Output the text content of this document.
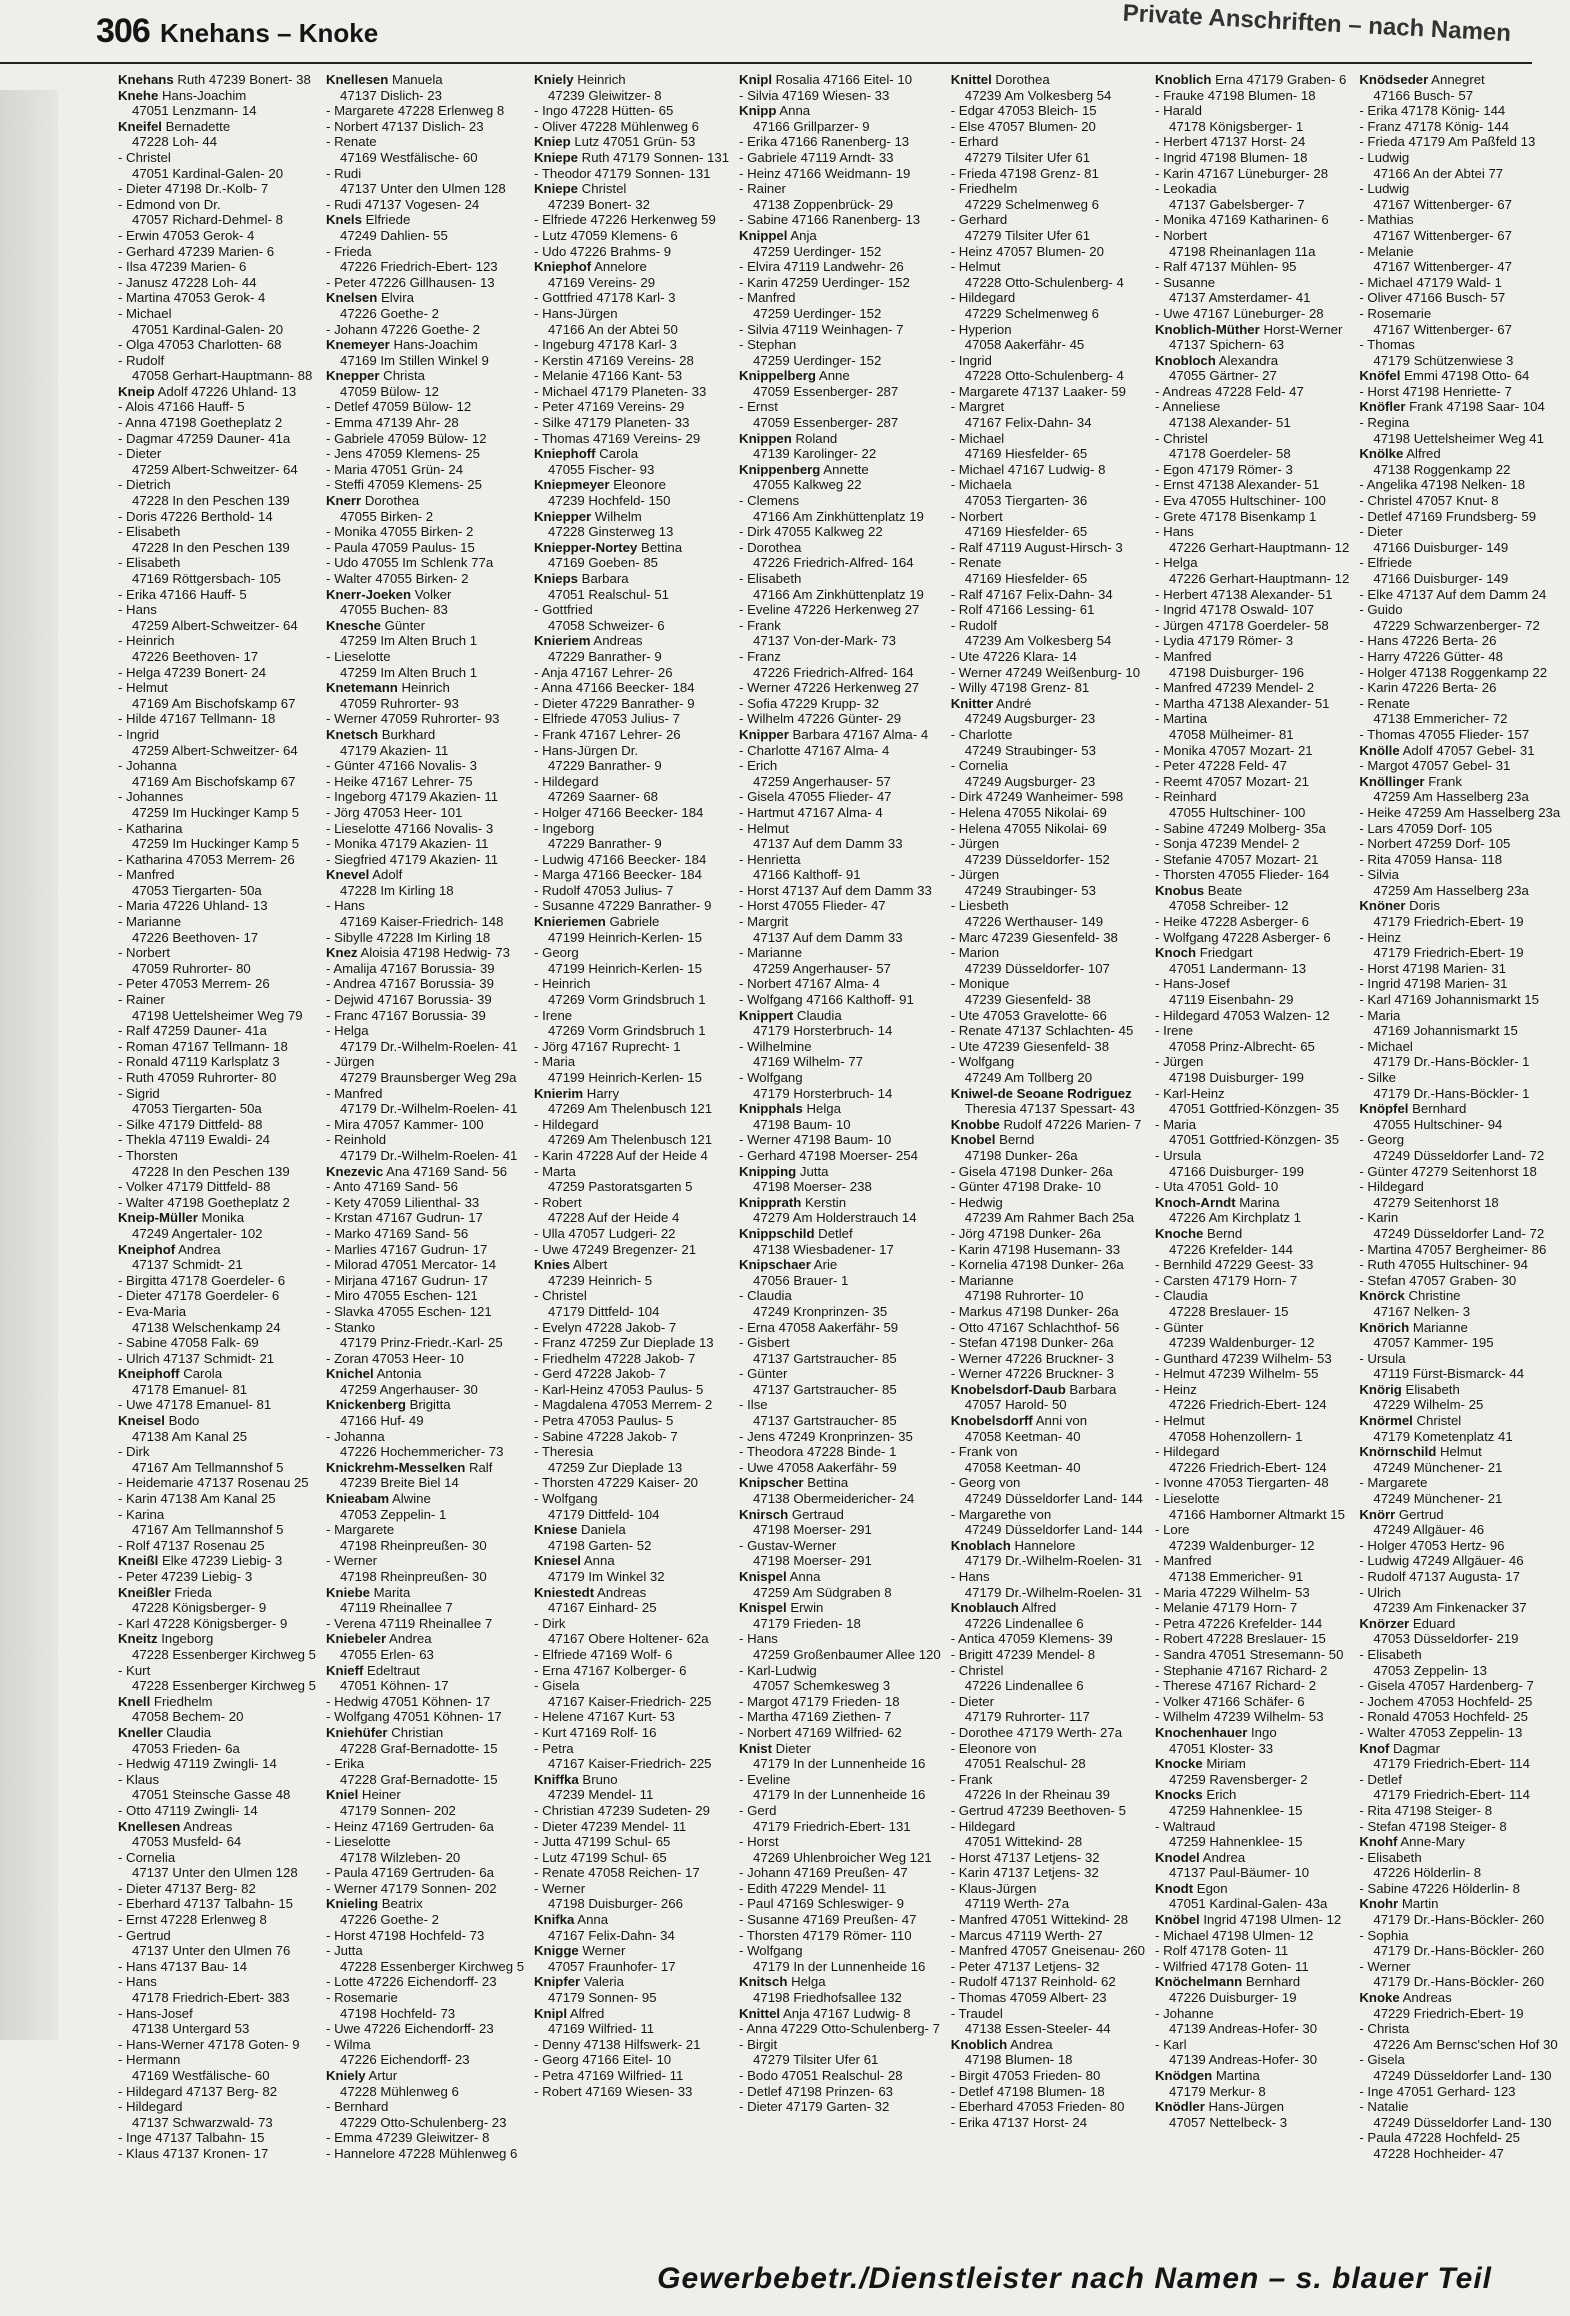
306 Knehans – Knoke	Private Anschriften – nach Namen
Knehans Ruth 47239 Bonert- 38
Knehe Hans-Joachim
47051 Lenzmann- 14
Kneifel Bernadette
47228 Loh- 44
- Christel
47051 Kardinal-Galen- 20
- Dieter 47198 Dr.-Kolb- 7
- Edmond von Dr.
47057 Richard-Dehmel- 8
- Erwin 47053 Gerok- 4
- Gerhard 47239 Marien- 6
- Ilsa 47239 Marien- 6
- Janusz 47228 Loh- 44
- Martina 47053 Gerok- 4
- Michael
47051 Kardinal-Galen- 20
- Olga 47053 Charlotten- 68
- Rudolf
47058 Gerhart-Hauptmann- 88
Kneip Adolf 47226 Uhland- 13
- Alois 47166 Hauff- 5
- Anna 47198 Goetheplatz 2
- Dagmar 47259 Dauner- 41a
- Dieter
47259 Albert-Schweitzer- 64
- Dietrich
47228 In den Peschen 139
- Doris 47226 Berthold- 14
- Elisabeth
47228 In den Peschen 139
- Elisabeth
47169 Röttgersbach- 105
- Erika 47166 Hauff- 5
- Hans
47259 Albert-Schweitzer- 64
- Heinrich
47226 Beethoven- 17
- Helga 47239 Bonert- 24
- Helmut
47169 Am Bischofskamp 67
- Hilde 47167 Tellmann- 18
- Ingrid
47259 Albert-Schweitzer- 64
- Johanna
47169 Am Bischofskamp 67
- Johannes
47259 Im Huckinger Kamp 5
- Katharina
47259 Im Huckinger Kamp 5
- Katharina 47053 Merrem- 26
- Manfred
47053 Tiergarten- 50a
- Maria 47226 Uhland- 13
- Marianne
47226 Beethoven- 17
- Norbert
47059 Ruhrorter- 80
- Peter 47053 Merrem- 26
- Rainer
47198 Uettelsheimer Weg 79
- Ralf 47259 Dauner- 41a
- Roman 47167 Tellmann- 18
- Ronald 47119 Karlsplatz 3
- Ruth 47059 Ruhrorter- 80
- Sigrid
47053 Tiergarten- 50a
- Silke 47179 Dittfeld- 88
- Thekla 47119 Ewaldi- 24
- Thorsten
47228 In den Peschen 139
- Volker 47179 Dittfeld- 88
- Walter 47198 Goetheplatz 2
Kneip-Müller Monika
47249 Angertaler- 102
Kneiphof Andrea
47137 Schmidt- 21
- Birgitta 47178 Goerdeler- 6
- Dieter 47178 Goerdeler- 6
- Eva-Maria
47138 Welschenkamp 24
- Sabine 47058 Falk- 69
- Ulrich 47137 Schmidt- 21
Kneiphoff Carola
47178 Emanuel- 81
- Uwe 47178 Emanuel- 81
Kneisel Bodo
47138 Am Kanal 25
- Dirk
47167 Am Tellmannshof 5
- Heidemarie 47137 Rosenau 25
- Karin 47138 Am Kanal 25
- Karina
47167 Am Tellmannshof 5
- Rolf 47137 Rosenau 25
Kneißl Elke 47239 Liebig- 3
- Peter 47239 Liebig- 3
Kneißler Frieda
47228 Königsberger- 9
- Karl 47228 Königsberger- 9
Kneitz Ingeborg
47228 Essenberger Kirchweg 5
- Kurt
47228 Essenberger Kirchweg 5
Knell Friedhelm
47058 Bechem- 20
Kneller Claudia
47053 Frieden- 6a
- Hedwig 47119 Zwingli- 14
- Klaus
47051 Steinsche Gasse 48
- Otto 47119 Zwingli- 14
Knellesen Andreas
47053 Musfeld- 64
- Cornelia
47137 Unter den Ulmen 128
- Dieter 47137 Berg- 82
- Eberhard 47137 Talbahn- 15
- Ernst 47228 Erlenweg 8
- Gertrud
47137 Unter den Ulmen 76
- Hans 47137 Bau- 14
- Hans
47178 Friedrich-Ebert- 383
- Hans-Josef
47138 Untergard 53
- Hans-Werner 47178 Goten- 9
- Hermann
47169 Westfälische- 60
- Hildegard 47137 Berg- 82
- Hildegard
47137 Schwarzwald- 73
- Inge 47137 Talbahn- 15
- Klaus 47137 Kronen- 17
Knellesen Manuela
47137 Dislich- 23
- Margarete 47228 Erlenweg 8
- Norbert 47137 Dislich- 23
- Renate
47169 Westfälische- 60
- Rudi
47137 Unter den Ulmen 128
- Rudi 47137 Vogesen- 24
Knels Elfriede
47249 Dahlien- 55
- Frieda
47226 Friedrich-Ebert- 123
- Peter 47226 Gillhausen- 13
Knelsen Elvira
47226 Goethe- 2
- Johann 47226 Goethe- 2
Knemeyer Hans-Joachim
47169 Im Stillen Winkel 9
Knepper Christa
47059 Bülow- 12
- Detlef 47059 Bülow- 12
- Emma 47139 Ahr- 28
- Gabriele 47059 Bülow- 12
- Jens 47059 Klemens- 25
- Maria 47051 Grün- 24
- Steffi 47059 Klemens- 25
Knerr Dorothea
47055 Birken- 2
- Monika 47055 Birken- 2
- Paula 47059 Paulus- 15
- Udo 47055 Im Schlenk 77a
- Walter 47055 Birken- 2
Knerr-Joeken Volker
47055 Buchen- 83
Knesche Günter
47259 Im Alten Bruch 1
- Lieselotte
47259 Im Alten Bruch 1
Knetemann Heinrich
47059 Ruhrorter- 93
- Werner 47059 Ruhrorter- 93
Knetsch Burkhard
47179 Akazien- 11
- Günter 47166 Novalis- 3
- Heike 47167 Lehrer- 75
- Ingeborg 47179 Akazien- 11
- Jörg 47053 Heer- 101
- Lieselotte 47166 Novalis- 3
- Monika 47179 Akazien- 11
- Siegfried 47179 Akazien- 11
Knevel Adolf
47228 Im Kirling 18
- Hans
47169 Kaiser-Friedrich- 148
- Sibylle 47228 Im Kirling 18
Knez Aloisia 47198 Hedwig- 73
- Amalija 47167 Borussia- 39
- Andrea 47167 Borussia- 39
- Dejwid 47167 Borussia- 39
- Franc 47167 Borussia- 39
- Helga
47179 Dr.-Wilhelm-Roelen- 41
- Jürgen
47279 Braunsberger Weg 29a
- Manfred
47179 Dr.-Wilhelm-Roelen- 41
- Mira 47057 Kammer- 100
- Reinhold
47179 Dr.-Wilhelm-Roelen- 41
Knezevic Ana 47169 Sand- 56
- Anto 47169 Sand- 56
- Kety 47059 Lilienthal- 33
- Krstan 47167 Gudrun- 17
- Marko 47169 Sand- 56
- Marlies 47167 Gudrun- 17
- Milorad 47051 Mercator- 14
- Mirjana 47167 Gudrun- 17
- Miro 47055 Eschen- 121
- Slavka 47055 Eschen- 121
- Stanko
47179 Prinz-Friedr.-Karl- 25
- Zoran 47053 Heer- 10
Knichel Antonia
47259 Angerhauser- 30
Knickenberg Brigitta
47166 Huf- 49
- Johanna
47226 Hochemmericher- 73
Knickrehm-Messelken Ralf
47239 Breite Biel 14
Knieabam Alwine
47053 Zeppelin- 1
- Margarete
47198 Rheinpreußen- 30
- Werner
47198 Rheinpreußen- 30
Kniebe Marita
47119 Rheinallee 7
- Verena 47119 Rheinallee 7
Kniebeler Andrea
47055 Erlen- 63
Knieff Edeltraut
47051 Köhnen- 17
- Hedwig 47051 Köhnen- 17
- Wolfgang 47051 Köhnen- 17
Kniehüfer Christian
47228 Graf-Bernadotte- 15
- Erika
47228 Graf-Bernadotte- 15
Kniel Heiner
47179 Sonnen- 202
- Heinz 47169 Gertruden- 6a
- Lieselotte
47178 Wilzleben- 20
- Paula 47169 Gertruden- 6a
- Werner 47179 Sonnen- 202
Knieling Beatrix
47226 Goethe- 2
- Horst 47198 Hochfeld- 73
- Jutta
47228 Essenberger Kirchweg 5
- Lotte 47226 Eichendorff- 23
- Rosemarie
47198 Hochfeld- 73
- Uwe 47226 Eichendorff- 23
- Wilma
47226 Eichendorff- 23
Kniely Artur
47228 Mühlenweg 6
- Bernhard
47229 Otto-Schulenberg- 23
- Emma 47239 Gleiwitzer- 8
- Hannelore 47228 Mühlenweg 6
Kniely Heinrich
47239 Gleiwitzer- 8
- Ingo 47228 Hütten- 65
- Oliver 47228 Mühlenweg 6
Kniep Lutz 47051 Grün- 53
Kniepe Ruth 47179 Sonnen- 131
- Theodor 47179 Sonnen- 131
Kniepe Christel
47239 Bonert- 32
- Elfriede 47226 Herkenweg 59
- Lutz 47059 Klemens- 6
- Udo 47226 Brahms- 9
Kniephof Annelore
47169 Vereins- 29
- Gottfried 47178 Karl- 3
- Hans-Jürgen
47166 An der Abtei 50
- Ingeburg 47178 Karl- 3
- Kerstin 47169 Vereins- 28
- Melanie 47166 Kant- 53
- Michael 47179 Planeten- 33
- Peter 47169 Vereins- 29
- Silke 47179 Planeten- 33
- Thomas 47169 Vereins- 29
Kniephoff Carola
47055 Fischer- 93
Kniepmeyer Eleonore
47239 Hochfeld- 150
Kniepper Wilhelm
47228 Ginsterweg 13
Kniepper-Nortey Bettina
47169 Goeben- 85
Knieps Barbara
47051 Realschul- 51
- Gottfried
47058 Schweizer- 6
Knieriem Andreas
47229 Banrather- 9
- Anja 47167 Lehrer- 26
- Anna 47166 Beecker- 184
- Dieter 47229 Banrather- 9
- Elfriede 47053 Julius- 7
- Frank 47167 Lehrer- 26
- Hans-Jürgen Dr.
47229 Banrather- 9
- Hildegard
47269 Saarner- 68
- Holger 47166 Beecker- 184
- Ingeborg
47229 Banrather- 9
- Ludwig 47166 Beecker- 184
- Marga 47166 Beecker- 184
- Rudolf 47053 Julius- 7
- Susanne 47229 Banrather- 9
Knieriemen Gabriele
47199 Heinrich-Kerlen- 15
- Georg
47199 Heinrich-Kerlen- 15
- Heinrich
47269 Vorm Grindsbruch 1
- Irene
47269 Vorm Grindsbruch 1
- Jörg 47167 Ruprecht- 1
- Maria
47199 Heinrich-Kerlen- 15
Knierim Harry
47269 Am Thelenbusch 121
- Hildegard
47269 Am Thelenbusch 121
- Karin 47228 Auf der Heide 4
- Marta
47259 Pastoratsgarten 5
- Robert
47228 Auf der Heide 4
- Ulla 47057 Ludgeri- 22
- Uwe 47249 Bregenzer- 21
Knies Albert
47239 Heinrich- 5
- Christel
47179 Dittfeld- 104
- Evelyn 47228 Jakob- 7
- Franz 47259 Zur Dieplade 13
- Friedhelm 47228 Jakob- 7
- Gerd 47228 Jakob- 7
- Karl-Heinz 47053 Paulus- 5
- Magdalena 47053 Merrem- 2
- Petra 47053 Paulus- 5
- Sabine 47228 Jakob- 7
- Theresia
47259 Zur Dieplade 13
- Thorsten 47229 Kaiser- 20
- Wolfgang
47179 Dittfeld- 104
Kniese Daniela
47198 Garten- 52
Kniesel Anna
47179 Im Winkel 32
Kniestedt Andreas
47167 Einhard- 25
- Dirk
47167 Obere Holtener- 62a
- Elfriede 47169 Wolf- 6
- Erna 47167 Kolberger- 6
- Gisela
47167 Kaiser-Friedrich- 225
- Helene 47167 Kurt- 53
- Kurt 47169 Rolf- 16
- Petra
47167 Kaiser-Friedrich- 225
Kniffka Bruno
47239 Mendel- 11
- Christian 47239 Sudeten- 29
- Dieter 47239 Mendel- 11
- Jutta 47199 Schul- 65
- Lutz 47199 Schul- 65
- Renate 47058 Reichen- 17
- Werner
47198 Duisburger- 266
Knifka Anna
47167 Felix-Dahn- 34
Knigge Werner
47057 Fraunhofer- 17
Knipfer Valeria
47179 Sonnen- 95
Knipl Alfred
47169 Wilfried- 11
- Denny 47138 Hilfswerk- 21
- Georg 47166 Eitel- 10
- Petra 47169 Wilfried- 11
- Robert 47169 Wiesen- 33
Knipl Rosalia 47166 Eitel- 10
- Silvia 47169 Wiesen- 33
Knipp Anna
47166 Grillparzer- 9
- Erika 47166 Ranenberg- 13
- Gabriele 47119 Arndt- 33
- Heinz 47166 Weidmann- 19
- Rainer
47138 Zoppenbrück- 29
- Sabine 47166 Ranenberg- 13
Knippel Anja
47259 Uerdinger- 152
- Elvira 47119 Landwehr- 26
- Karin 47259 Uerdinger- 152
- Manfred
47259 Uerdinger- 152
- Silvia 47119 Weinhagen- 7
- Stephan
47259 Uerdinger- 152
Knippelberg Anne
47059 Essenberger- 287
- Ernst
47059 Essenberger- 287
Knippen Roland
47139 Karolinger- 22
Knippenberg Annette
47055 Kalkweg 22
- Clemens
47166 Am Zinkhüttenplatz 19
- Dirk 47055 Kalkweg 22
- Dorothea
47226 Friedrich-Alfred- 164
- Elisabeth
47166 Am Zinkhüttenplatz 19
- Eveline 47226 Herkenweg 27
- Frank
47137 Von-der-Mark- 73
- Franz
47226 Friedrich-Alfred- 164
- Werner 47226 Herkenweg 27
- Sofia 47229 Krupp- 32
- Wilhelm 47226 Günter- 29
Knipper Barbara 47167 Alma- 4
- Charlotte 47167 Alma- 4
- Erich
47259 Angerhauser- 57
- Gisela 47055 Flieder- 47
- Hartmut 47167 Alma- 4
- Helmut
47137 Auf dem Damm 33
- Henrietta
47166 Kalthoff- 91
- Horst 47137 Auf dem Damm 33
- Horst 47055 Flieder- 47
- Margrit
47137 Auf dem Damm 33
- Marianne
47259 Angerhauser- 57
- Norbert 47167 Alma- 4
- Wolfgang 47166 Kalthoff- 91
Knippert Claudia
47179 Horsterbruch- 14
- Wilhelmine
47169 Wilhelm- 77
- Wolfgang
47179 Horsterbruch- 14
Knipphals Helga
47198 Baum- 10
- Werner 47198 Baum- 10
- Gerhard 47198 Moerser- 254
Knipping Jutta
47198 Moerser- 238
Knipprath Kerstin
47279 Am Holderstrauch 14
Knippschild Detlef
47138 Wiesbadener- 17
Knipschaer Arie
47056 Brauer- 1
- Claudia
47249 Kronprinzen- 35
- Erna 47058 Aakerfähr- 59
- Gisbert
47137 Gartstraucher- 85
- Günter
47137 Gartstraucher- 85
- Ilse
47137 Gartstraucher- 85
- Jens 47249 Kronprinzen- 35
- Theodora 47228 Binde- 1
- Uwe 47058 Aakerfähr- 59
Knipscher Bettina
47138 Obermeidericher- 24
Knirsch Gertraud
47198 Moerser- 291
- Gustav-Werner
47198 Moerser- 291
Knispel Anna
47259 Am Südgraben 8
Knispel Erwin
47179 Frieden- 18
- Hans
47259 Großenbaumer Allee 120
- Karl-Ludwig
47057 Schemkesweg 3
- Margot 47179 Frieden- 18
- Martha 47169 Ziethen- 7
- Norbert 47169 Wilfried- 62
Knist Dieter
47179 In der Lunnenheide 16
- Eveline
47179 In der Lunnenheide 16
- Gerd
47179 Friedrich-Ebert- 131
- Horst
47269 Uhlenbroicher Weg 121
- Johann 47169 Preußen- 47
- Edith 47229 Mendel- 11
- Paul 47169 Schleswiger- 9
- Susanne 47169 Preußen- 47
- Thorsten 47179 Römer- 110
- Wolfgang
47179 In der Lunnenheide 16
Knitsch Helga
47198 Friedhofsallee 132
Knittel Anja 47167 Ludwig- 8
- Anna 47229 Otto-Schulenberg- 7
- Birgit
47279 Tilsiter Ufer 61
- Bodo 47051 Realschul- 28
- Detlef 47198 Prinzen- 63
- Dieter 47179 Garten- 32
Knittel Dorothea
47239 Am Volkesberg 54
- Edgar 47053 Bleich- 15
- Else 47057 Blumen- 20
- Erhard
47279 Tilsiter Ufer 61
- Frieda 47198 Grenz- 81
- Friedhelm
47229 Schelmenweg 6
- Gerhard
47279 Tilsiter Ufer 61
- Heinz 47057 Blumen- 20
- Helmut
47228 Otto-Schulenberg- 4
- Hildegard
47229 Schelmenweg 6
- Hyperion
47058 Aakerfähr- 45
- Ingrid
47228 Otto-Schulenberg- 4
- Margarete 47137 Laaker- 59
- Margret
47167 Felix-Dahn- 34
- Michael
47169 Hiesfelder- 65
- Michael 47167 Ludwig- 8
- Michaela
47053 Tiergarten- 36
- Norbert
47169 Hiesfelder- 65
- Ralf 47119 August-Hirsch- 3
- Renate
47169 Hiesfelder- 65
- Ralf 47167 Felix-Dahn- 34
- Rolf 47166 Lessing- 61
- Rudolf
47239 Am Volkesberg 54
- Ute 47226 Klara- 14
- Werner 47249 Weißenburg- 10
- Willy 47198 Grenz- 81
Knitter André
47249 Augsburger- 23
- Charlotte
47249 Straubinger- 53
- Cornelia
47249 Augsburger- 23
- Dirk 47249 Wanheimer- 598
- Helena 47055 Nikolai- 69
- Helena 47055 Nikolai- 69
- Jürgen
47239 Düsseldorfer- 152
- Jürgen
47249 Straubinger- 53
- Liesbeth
47226 Werthauser- 149
- Marc 47239 Giesenfeld- 38
- Marion
47239 Düsseldorfer- 107
- Monique
47239 Giesenfeld- 38
- Ute 47053 Gravelotte- 66
- Renate 47137 Schlachten- 45
- Ute 47239 Giesenfeld- 38
- Wolfgang
47249 Am Tollberg 20
Kniwel-de Seoane Rodriguez
Theresia 47137 Spessart- 43
Knobbe Rudolf 47226 Marien- 7
Knobel Bernd
47198 Dunker- 26a
- Gisela 47198 Dunker- 26a
- Günter 47198 Drake- 10
- Hedwig
47239 Am Rahmer Bach 25a
- Jörg 47198 Dunker- 26a
- Karin 47198 Husemann- 33
- Kornelia 47198 Dunker- 26a
- Marianne
47198 Ruhrorter- 10
- Markus 47198 Dunker- 26a
- Otto 47167 Schlachthof- 56
- Stefan 47198 Dunker- 26a
- Werner 47226 Bruckner- 3
- Werner 47226 Bruckner- 3
Knobelsdorf-Daub Barbara
47057 Harold- 50
Knobelsdorff Anni von
47058 Keetman- 40
- Frank von
47058 Keetman- 40
- Georg von
47249 Düsseldorfer Land- 144
- Margarethe von
47249 Düsseldorfer Land- 144
Knoblach Hannelore
47179 Dr.-Wilhelm-Roelen- 31
- Hans
47179 Dr.-Wilhelm-Roelen- 31
Knoblauch Alfred
47226 Lindenallee 6
- Antica 47059 Klemens- 39
- Brigitt 47239 Mendel- 8
- Christel
47226 Lindenallee 6
- Dieter
47179 Ruhrorter- 117
- Dorothee 47179 Werth- 27a
- Eleonore von
47051 Realschul- 28
- Frank
47226 In der Rheinau 39
- Gertrud 47239 Beethoven- 5
- Hildegard
47051 Wittekind- 28
- Horst 47137 Letjens- 32
- Karin 47137 Letjens- 32
- Klaus-Jürgen
47119 Werth- 27a
- Manfred 47051 Wittekind- 28
- Marcus 47119 Werth- 27
- Manfred 47057 Gneisenau- 260
- Peter 47137 Letjens- 32
- Rudolf 47137 Reinhold- 62
- Thomas 47059 Albert- 23
- Traudel
47138 Essen-Steeler- 44
Knoblich Andrea
47198 Blumen- 18
- Birgit 47053 Frieden- 80
- Detlef 47198 Blumen- 18
- Eberhard 47053 Frieden- 80
- Erika 47137 Horst- 24
Knoblich Erna 47179 Graben- 6
- Frauke 47198 Blumen- 18
- Harald
47178 Königsberger- 1
- Herbert 47137 Horst- 24
- Ingrid 47198 Blumen- 18
- Karin 47167 Lüneburger- 28
- Leokadia
47137 Gabelsberger- 7
- Monika 47169 Katharinen- 6
- Norbert
47198 Rheinanlagen 11a
- Ralf 47137 Mühlen- 95
- Susanne
47137 Amsterdamer- 41
- Uwe 47167 Lüneburger- 28
Knoblich-Müther Horst-Werner
47137 Spichern- 63
Knobloch Alexandra
47055 Gärtner- 27
- Andreas 47228 Feld- 47
- Anneliese
47138 Alexander- 51
- Christel
47178 Goerdeler- 58
- Egon 47179 Römer- 3
- Ernst 47138 Alexander- 51
- Eva 47055 Hultschiner- 100
- Grete 47178 Bisenkamp 1
- Hans
47226 Gerhart-Hauptmann- 12
- Helga
47226 Gerhart-Hauptmann- 12
- Herbert 47138 Alexander- 51
- Ingrid 47178 Oswald- 107
- Jürgen 47178 Goerdeler- 58
- Lydia 47179 Römer- 3
- Manfred
47198 Duisburger- 196
- Manfred 47239 Mendel- 2
- Martha 47138 Alexander- 51
- Martina
47058 Mülheimer- 81
- Monika 47057 Mozart- 21
- Peter 47228 Feld- 47
- Reemt 47057 Mozart- 21
- Reinhard
47055 Hultschiner- 100
- Sabine 47249 Molberg- 35a
- Sonja 47239 Mendel- 2
- Stefanie 47057 Mozart- 21
- Thorsten 47055 Flieder- 164
Knobus Beate
47058 Schreiber- 12
- Heike 47228 Asberger- 6
- Wolfgang 47228 Asberger- 6
Knoch Friedgart
47051 Landermann- 13
- Hans-Josef
47119 Eisenbahn- 29
- Hildegard 47053 Walzen- 12
- Irene
47058 Prinz-Albrecht- 65
- Jürgen
47198 Duisburger- 199
- Karl-Heinz
47051 Gottfried-Könzgen- 35
- Maria
47051 Gottfried-Könzgen- 35
- Ursula
47166 Duisburger- 199
- Uta 47051 Gold- 10
Knoch-Arndt Marina
47226 Am Kirchplatz 1
Knoche Bernd
47226 Krefelder- 144
- Bernhild 47229 Geest- 33
- Carsten 47179 Horn- 7
- Claudia
47228 Breslauer- 15
- Günter
47239 Waldenburger- 12
- Gunthard 47239 Wilhelm- 53
- Helmut 47239 Wilhelm- 55
- Heinz
47226 Friedrich-Ebert- 124
- Helmut
47058 Hohenzollern- 1
- Hildegard
47226 Friedrich-Ebert- 124
- Ivonne 47053 Tiergarten- 48
- Lieselotte
47166 Hamborner Altmarkt 15
- Lore
47239 Waldenburger- 12
- Manfred
47138 Emmericher- 91
- Maria 47229 Wilhelm- 53
- Melanie 47179 Horn- 7
- Petra 47226 Krefelder- 144
- Robert 47228 Breslauer- 15
- Sandra 47051 Stresemann- 50
- Stephanie 47167 Richard- 2
- Therese 47167 Richard- 2
- Volker 47166 Schäfer- 6
- Wilhelm 47239 Wilhelm- 53
Knochenhauer Ingo
47051 Kloster- 33
Knocke Miriam
47259 Ravensberger- 2
Knocks Erich
47259 Hahnenklee- 15
- Waltraud
47259 Hahnenklee- 15
Knodel Andrea
47137 Paul-Bäumer- 10
Knodt Egon
47051 Kardinal-Galen- 43a
Knöbel Ingrid 47198 Ulmen- 12
- Michael 47198 Ulmen- 12
- Rolf 47178 Goten- 11
- Wilfried 47178 Goten- 11
Knöchelmann Bernhard
47226 Duisburger- 19
- Johanne
47139 Andreas-Hofer- 30
- Karl
47139 Andreas-Hofer- 30
Knödgen Martina
47179 Merkur- 8
Knödler Hans-Jürgen
47057 Nettelbeck- 3
Knödseder Annegret
47166 Busch- 57
- Erika 47178 König- 144
- Franz 47178 König- 144
- Frieda 47179 Am Paßfeld 13
- Ludwig
47166 An der Abtei 77
- Ludwig
47167 Wittenberger- 67
- Mathias
47167 Wittenberger- 67
- Melanie
47167 Wittenberger- 47
- Michael 47179 Wald- 1
- Oliver 47166 Busch- 57
- Rosemarie
47167 Wittenberger- 67
- Thomas
47179 Schützenwiese 3
Knöfel Emmi 47198 Otto- 64
- Horst 47198 Henriette- 7
Knöfler Frank 47198 Saar- 104
- Regina
47198 Uettelsheimer Weg 41
Knölke Alfred
47138 Roggenkamp 22
- Angelika 47198 Nelken- 18
- Christel 47057 Knut- 8
- Detlef 47169 Frundsberg- 59
- Dieter
47166 Duisburger- 149
- Elfriede
47166 Duisburger- 149
- Elke 47137 Auf dem Damm 24
- Guido
47229 Schwarzenberger- 72
- Hans 47226 Berta- 26
- Harry 47226 Gütter- 48
- Holger 47138 Roggenkamp 22
- Karin 47226 Berta- 26
- Renate
47138 Emmericher- 72
- Thomas 47055 Flieder- 157
Knölle Adolf 47057 Gebel- 31
- Margot 47057 Gebel- 31
Knöllinger Frank
47259 Am Hasselberg 23a
- Heike 47259 Am Hasselberg 23a
- Lars 47059 Dorf- 105
- Norbert 47259 Dorf- 105
- Rita 47059 Hansa- 118
- Silvia
47259 Am Hasselberg 23a
Knöner Doris
47179 Friedrich-Ebert- 19
- Heinz
47179 Friedrich-Ebert- 19
- Horst 47198 Marien- 31
- Ingrid 47198 Marien- 31
- Karl 47169 Johannismarkt 15
- Maria
47169 Johannismarkt 15
- Michael
47179 Dr.-Hans-Böckler- 1
- Silke
47179 Dr.-Hans-Böckler- 1
Knöpfel Bernhard
47055 Hultschiner- 94
- Georg
47249 Düsseldorfer Land- 72
- Günter 47279 Seitenhorst 18
- Hildegard
47279 Seitenhorst 18
- Karin
47249 Düsseldorfer Land- 72
- Martina 47057 Bergheimer- 86
- Ruth 47055 Hultschiner- 94
- Stefan 47057 Graben- 30
Knörck Christine
47167 Nelken- 3
Knörich Marianne
47057 Kammer- 195
- Ursula
47119 Fürst-Bismarck- 44
Knörig Elisabeth
47229 Wilhelm- 25
Knörmel Christel
47179 Kometenplatz 41
Knörnschild Helmut
47249 Münchener- 21
- Margarete
47249 Münchener- 21
Knörr Gertrud
47249 Allgäuer- 46
- Holger 47053 Hertz- 96
- Ludwig 47249 Allgäuer- 46
- Rudolf 47137 Augusta- 17
- Ulrich
47239 Am Finkenacker 37
Knörzer Eduard
47053 Düsseldorfer- 219
- Elisabeth
47053 Zeppelin- 13
- Gisela 47057 Hardenberg- 7
- Jochem 47053 Hochfeld- 25
- Ronald 47053 Hochfeld- 25
- Walter 47053 Zeppelin- 13
Knof Dagmar
47179 Friedrich-Ebert- 114
- Detlef
47179 Friedrich-Ebert- 114
- Rita 47198 Steiger- 8
- Stefan 47198 Steiger- 8
Knohf Anne-Mary
- Elisabeth
47226 Hölderlin- 8
- Sabine 47226 Hölderlin- 8
Knohr Martin
47179 Dr.-Hans-Böckler- 260
- Sophia
47179 Dr.-Hans-Böckler- 260
- Werner
47179 Dr.-Hans-Böckler- 260
Knoke Andreas
47229 Friedrich-Ebert- 19
- Christa
47226 Am Bernsc'schen Hof 30
- Gisela
47249 Düsseldorfer Land- 130
- Inge 47051 Gerhard- 123
- Natalie
47249 Düsseldorfer Land- 130
- Paula 47228 Hochfeld- 25
47228 Hochheider- 47
Gewerbebetr./Dienstleister nach Namen – s. blauer Teil
